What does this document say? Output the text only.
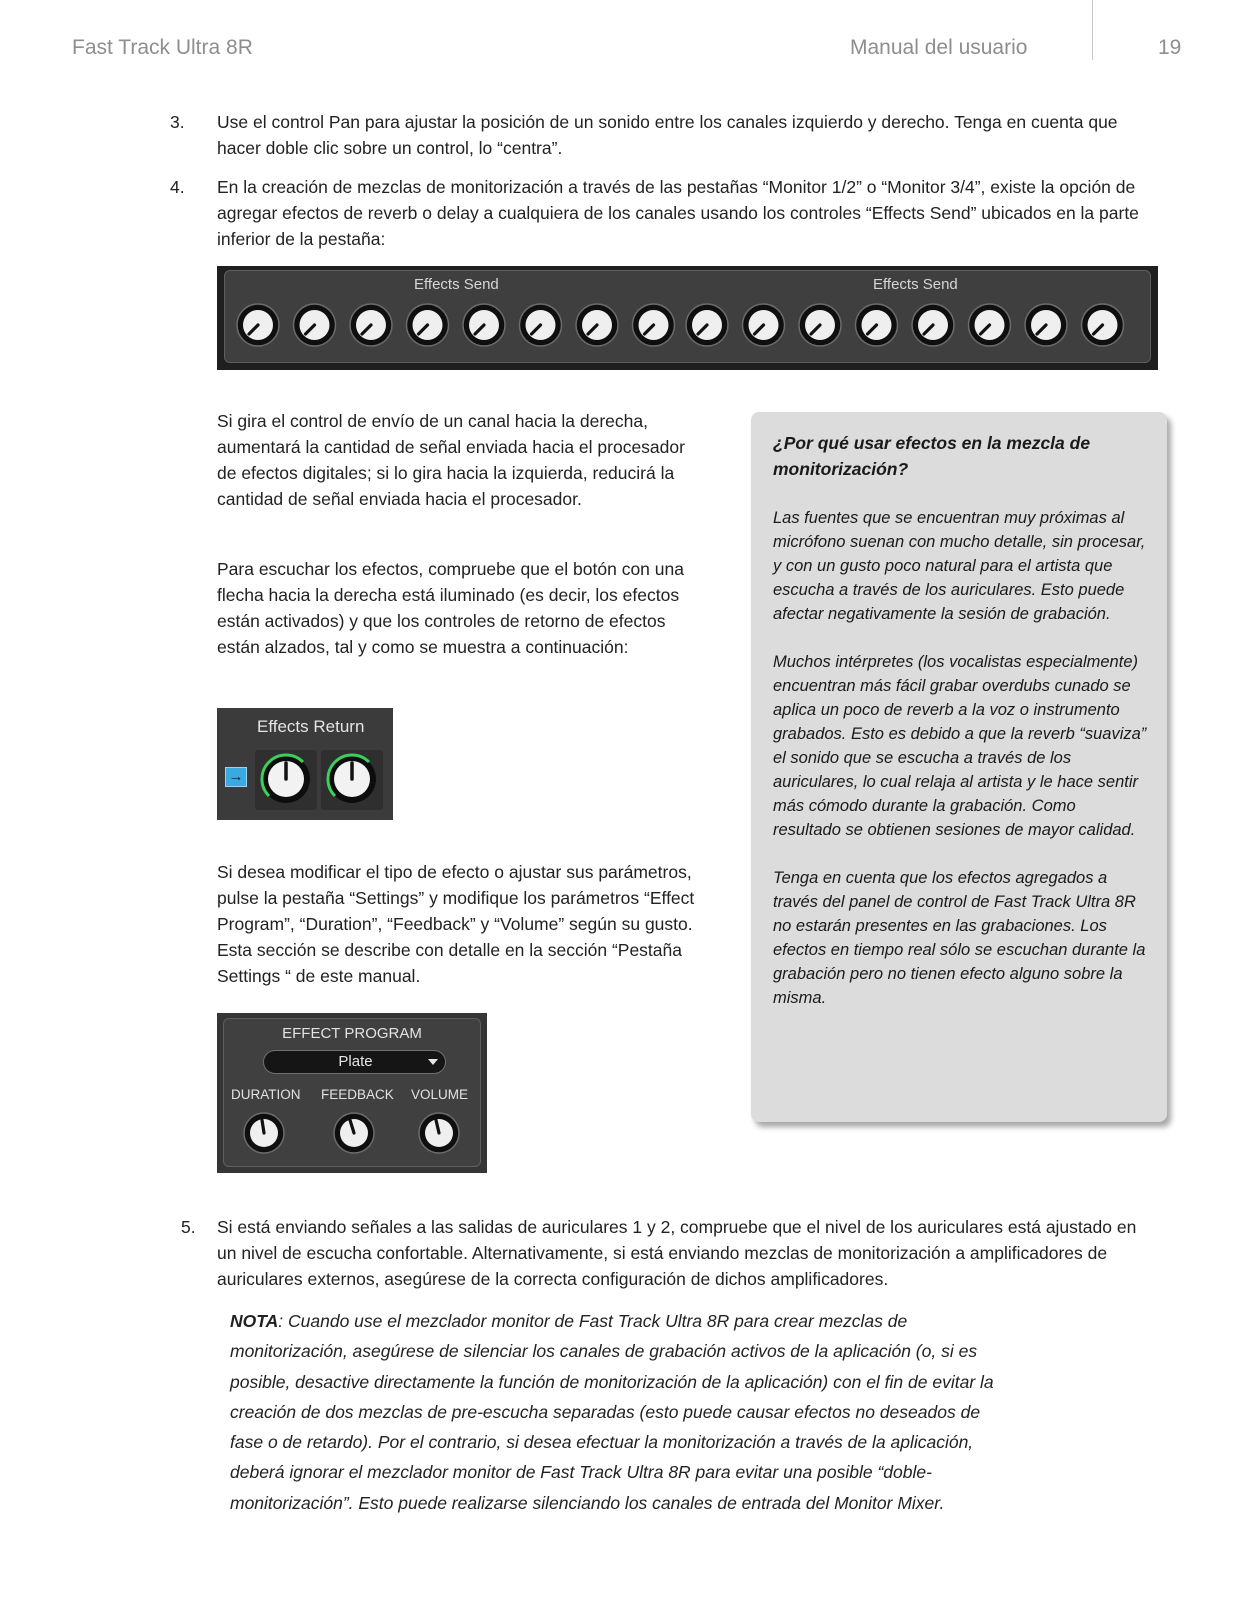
Fast Track Ultra 8R	Manual del usuario	19
3. Use el control Pan para ajustar la posición de un sonido entre los canales izquierdo y derecho. Tenga en cuenta que hacer doble clic sobre un control, lo “centra”.
4. En la creación de mezclas de monitorización a través de las pestañas “Monitor 1/2” o “Monitor 3/4”, existe la opción de agregar efectos de reverb o delay a cualquiera de los canales usando los controles “Effects Send” ubicados en la parte inferior de la pestaña:
Effects Send	Effects Send

Si gira el control de envío de un canal hacia la derecha, aumentará la cantidad de señal enviada hacia el procesador de efectos digitales; si lo gira hacia la izquierda, reducirá la cantidad de señal enviada hacia el procesador.

Para escuchar los efectos, compruebe que el botón con una flecha hacia la derecha está iluminado (es decir, los efectos están activados) y que los controles de retorno de efectos están alzados, tal y como se muestra a continuación:

Effects Return
→

Si desea modificar el tipo de efecto o ajustar sus parámetros, pulse la pestaña “Settings” y modifique los parámetros “Effect Program”, “Duration”, “Feedback” y “Volume” según su gusto. Esta sección se describe con detalle en la sección “Pestaña Settings “ de este manual.

EFFECT PROGRAM
Plate
DURATION FEEDBACK VOLUME
¿Por qué usar efectos en la mezcla de monitorización?

Las fuentes que se encuentran muy próximas al micrófono suenan con mucho detalle, sin procesar, y con un gusto poco natural para el artista que escucha a través de los auriculares. Esto puede afectar negativamente la sesión de grabación.

Muchos intérpretes (los vocalistas especialmente) encuentran más fácil grabar overdubs cunado se aplica un poco de reverb a la voz o instrumento grabados. Esto es debido a que la reverb “suaviza” el sonido que se escucha a través de los auriculares, lo cual relaja al artista y le hace sentir más cómodo durante la grabación. Como resultado se obtienen sesiones de mayor calidad.

Tenga en cuenta que los efectos agregados a través del panel de control de Fast Track Ultra 8R no estarán presentes en las grabaciones. Los efectos en tiempo real sólo se escuchan durante la grabación pero no tienen efecto alguno sobre la misma.

5. Si está enviando señales a las salidas de auriculares 1 y 2, compruebe que el nivel de los auriculares está ajustado en un nivel de escucha confortable. Alternativamente, si está enviando mezclas de monitorización a amplificadores de auriculares externos, asegúrese de la correcta configuración de dichos amplificadores.

NOTA: Cuando use el mezclador monitor de Fast Track Ultra 8R para crear mezclas de monitorización, asegúrese de silenciar los canales de grabación activos de la aplicación (o, si es posible, desactive directamente la función de monitorización de la aplicación) con el fin de evitar la creación de dos mezclas de pre-escucha separadas (esto puede causar efectos no deseados de fase o de retardo). Por el contrario, si desea efectuar la monitorización a través de la aplicación, deberá ignorar el mezclador monitor de Fast Track Ultra 8R para evitar una posible “doble-monitorización”. Esto puede realizarse silenciando los canales de entrada del Monitor Mixer.
